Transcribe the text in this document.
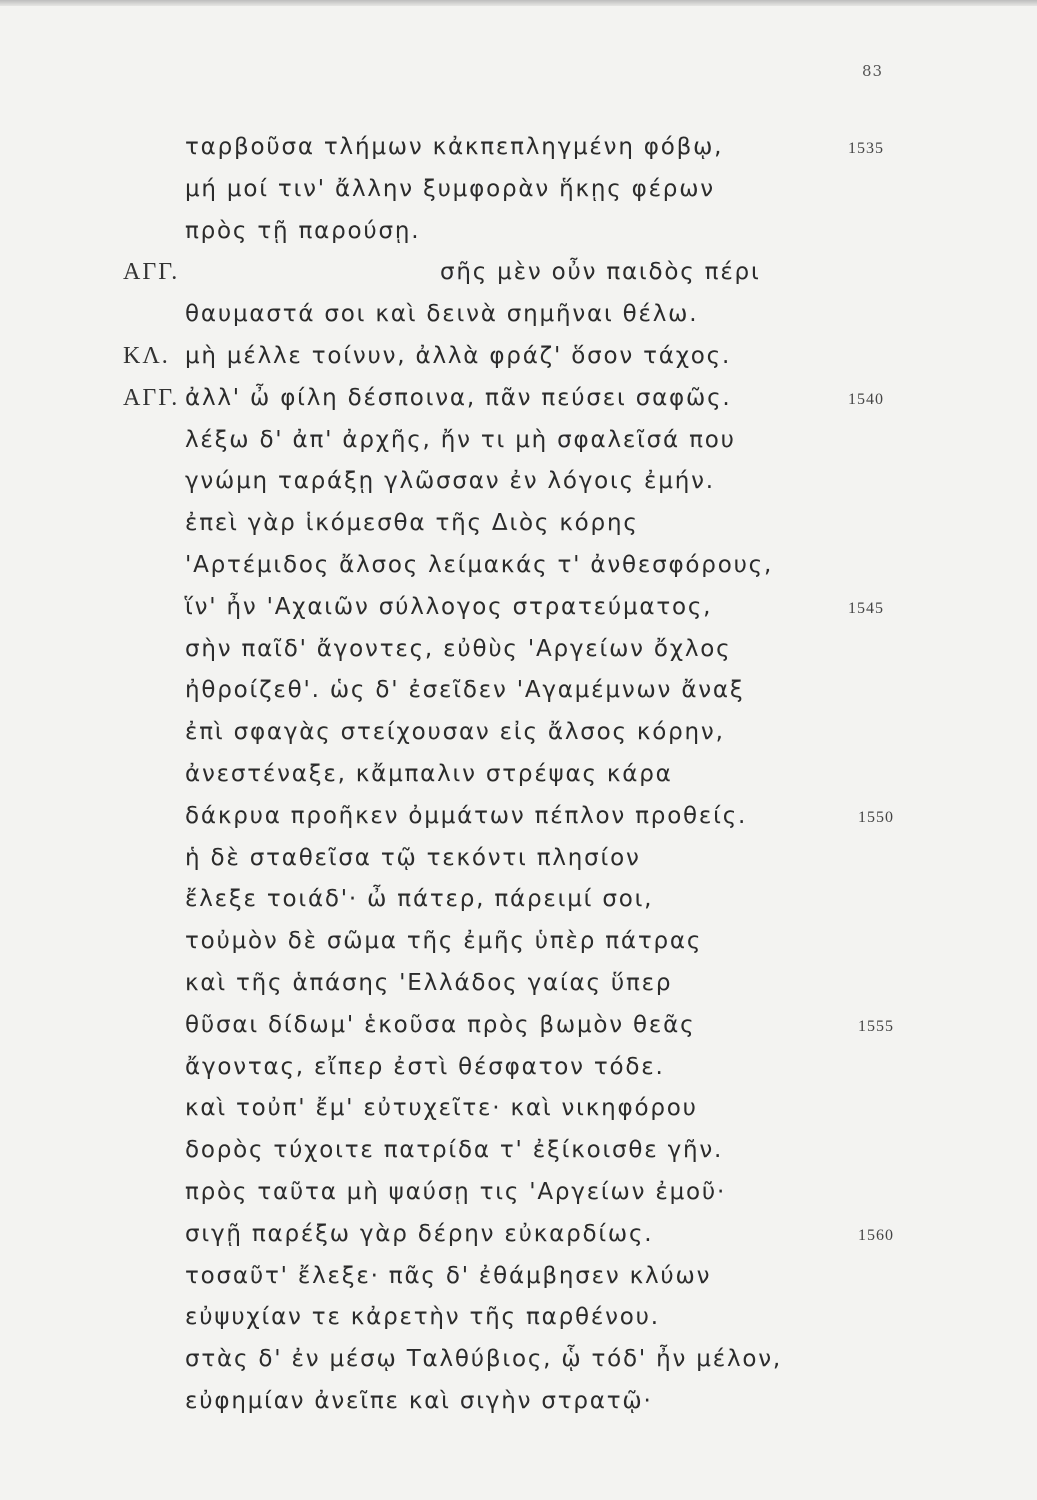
83
ταρβοῦσα τλήμων κἀκπεπληγμένη φόβῳ,	1535
μή μοί τιν' ἄλλην ξυμφορὰν ἥκῃς φέρων
πρὸς τῇ παρούσῃ.
ΑΓΓ.	σῆς μὲν οὖν παιδὸς πέρι
θαυμαστά σοι καὶ δεινὰ σημῆναι θέλω.
ΚΛ. μὴ μέλλε τοίνυν, ἀλλὰ φράζ' ὅσον τάχος.
ΑΓΓ. ἀλλ' ὦ φίλη δέσποινα, πᾶν πεύσει σαφῶς.	1540
λέξω δ' ἀπ' ἀρχῆς, ἤν τι μὴ σφαλεῖσά που
γνώμη ταράξῃ γλῶσσαν ἐν λόγοις ἐμήν.
ἐπεὶ γὰρ ἱκόμεσθα τῆς Διὸς κόρης
'Αρτέμιδος ἄλσος λείμακάς τ' ἀνθεσφόρους,
ἵν' ἦν 'Αχαιῶν σύλλογος στρατεύματος,	1545
σὴν παῖδ' ἄγοντες, εὐθὺς 'Αργείων ὄχλος
ἠθροίζεθ'. ὡς δ' ἐσεῖδεν 'Αγαμέμνων ἄναξ
ἐπὶ σφαγὰς στείχουσαν εἰς ἄλσος κόρην,
ἀνεστέναξε, κἄμπαλιν στρέψας κάρα
δάκρυα προῆκεν ὀμμάτων πέπλον προθείς.	1550
ἡ δὲ σταθεῖσα τῷ τεκόντι πλησίον
ἔλεξε τοιάδ'· ὦ πάτερ, πάρειμί σοι,
τοὐμὸν δὲ σῶμα τῆς ἐμῆς ὑπὲρ πάτρας
καὶ τῆς ἁπάσης 'Ελλάδος γαίας ὕπερ
θῦσαι δίδωμ' ἑκοῦσα πρὸς βωμὸν θεᾶς	1555
ἄγοντας, εἴπερ ἐστὶ θέσφατον τόδε.
καὶ τοὐπ' ἔμ' εὐτυχεῖτε· καὶ νικηφόρου
δορὸς τύχοιτε πατρίδα τ' ἐξίκοισθε γῆν.
πρὸς ταῦτα μὴ ψαύσῃ τις 'Αργείων ἐμοῦ·
σιγῇ παρέξω γὰρ δέρην εὐκαρδίως.	1560
τοσαῦτ' ἔλεξε· πᾶς δ' ἐθάμβησεν κλύων
εὐψυχίαν τε κἀρετὴν τῆς παρθένου.
στὰς δ' ἐν μέσῳ Ταλθύβιος, ᾧ τόδ' ἦν μέλον,
εὐφημίαν ἀνεῖπε καὶ σιγὴν στρατῷ·
